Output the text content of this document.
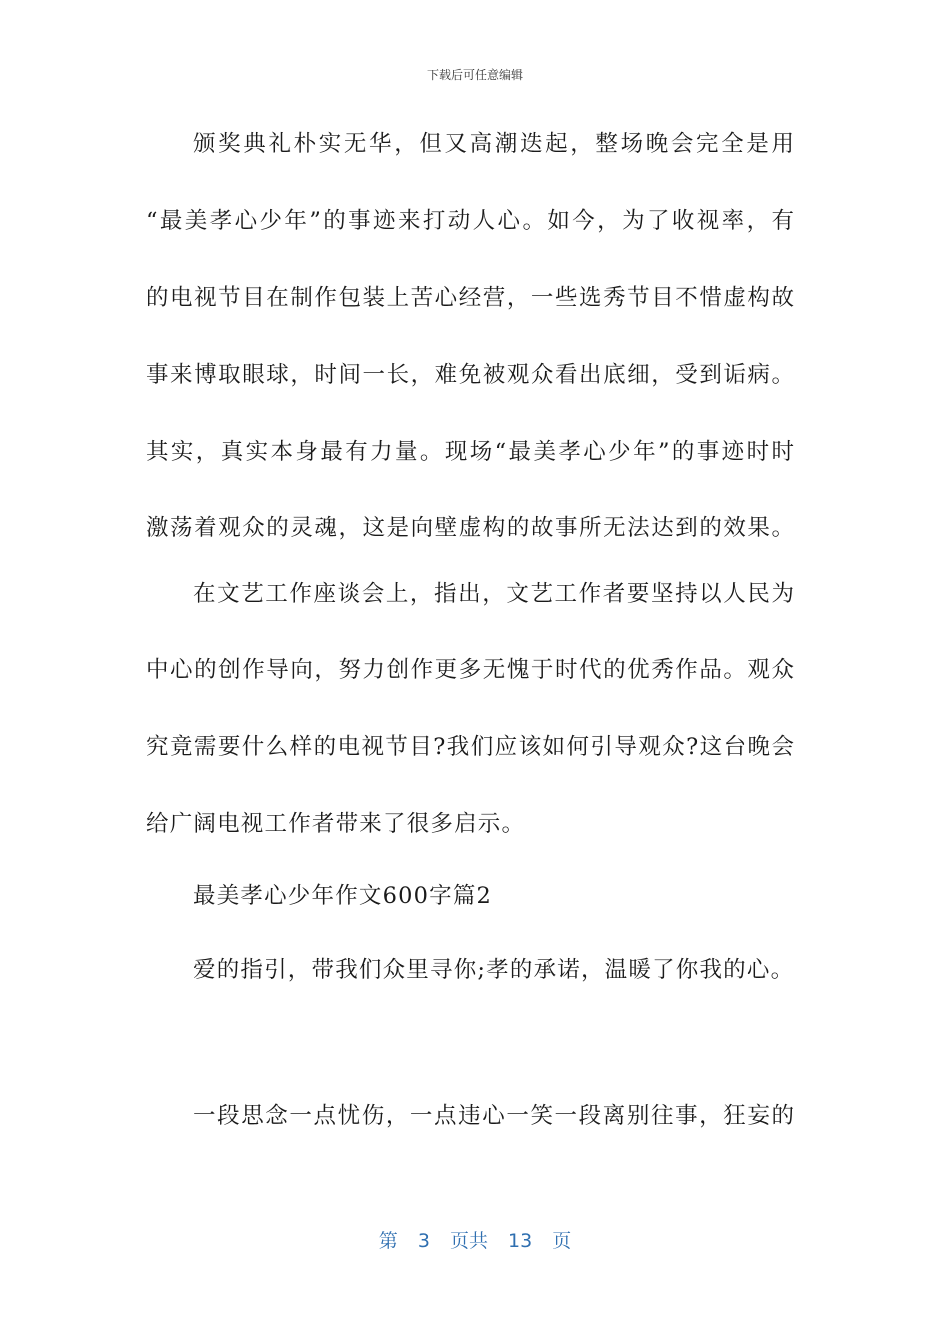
下载后可任意编辑
颁奖典礼朴实无华，但又高潮迭起，整场晚会完全是用
“最美孝心少年”的事迹来打动人心。如今，为了收视率，有
的电视节目在制作包装上苦心经营，一些选秀节目不惜虚构故
事来博取眼球，时间一长，难免被观众看出底细，受到诟病。
其实，真实本身最有力量。现场“最美孝心少年”的事迹时时
激荡着观众的灵魂，这是向壁虚构的故事所无法达到的效果。
在文艺工作座谈会上，指出，文艺工作者要坚持以人民为
中心的创作导向，努力创作更多无愧于时代的优秀作品。观众
究竟需要什么样的电视节目?我们应该如何引导观众?这台晚会
给广阔电视工作者带来了很多启示。
最美孝心少年作文600字篇2
爱的指引，带我们众里寻你;孝的承诺，温暖了你我的心。
一段思念一点忧伤，一点违心一笑一段离别往事，狂妄的
第 3 页共 13 页
